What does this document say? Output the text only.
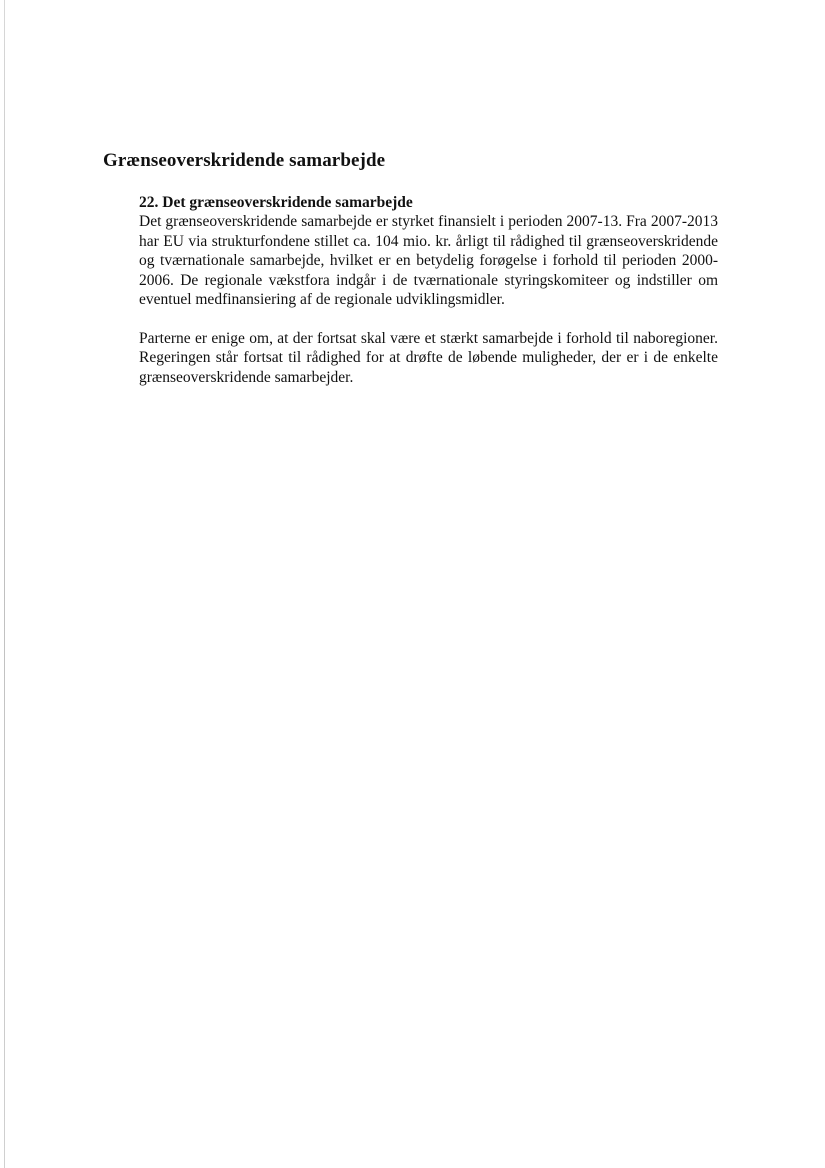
Grænseoverskridende samarbejde
22. Det grænseoverskridende samarbejde

Det grænseoverskridende samarbejde er styrket finansielt i perioden 2007-13. Fra 2007-2013 har EU via strukturfondene stillet ca. 104 mio. kr. årligt til rådighed til grænseoverskridende og tværnationale samarbejde, hvilket er en betydelig forøgelse i forhold til perioden 2000-2006. De regionale vækstfora indgår i de tværnationale styringskomiteer og indstiller om eventuel medfinansiering af de regionale udviklingsmidler.

Parterne er enige om, at der fortsat skal være et stærkt samarbejde i forhold til naboregioner. Regeringen står fortsat til rådighed for at drøfte de løbende muligheder, der er i de enkelte grænseoverskridende samarbejder.
